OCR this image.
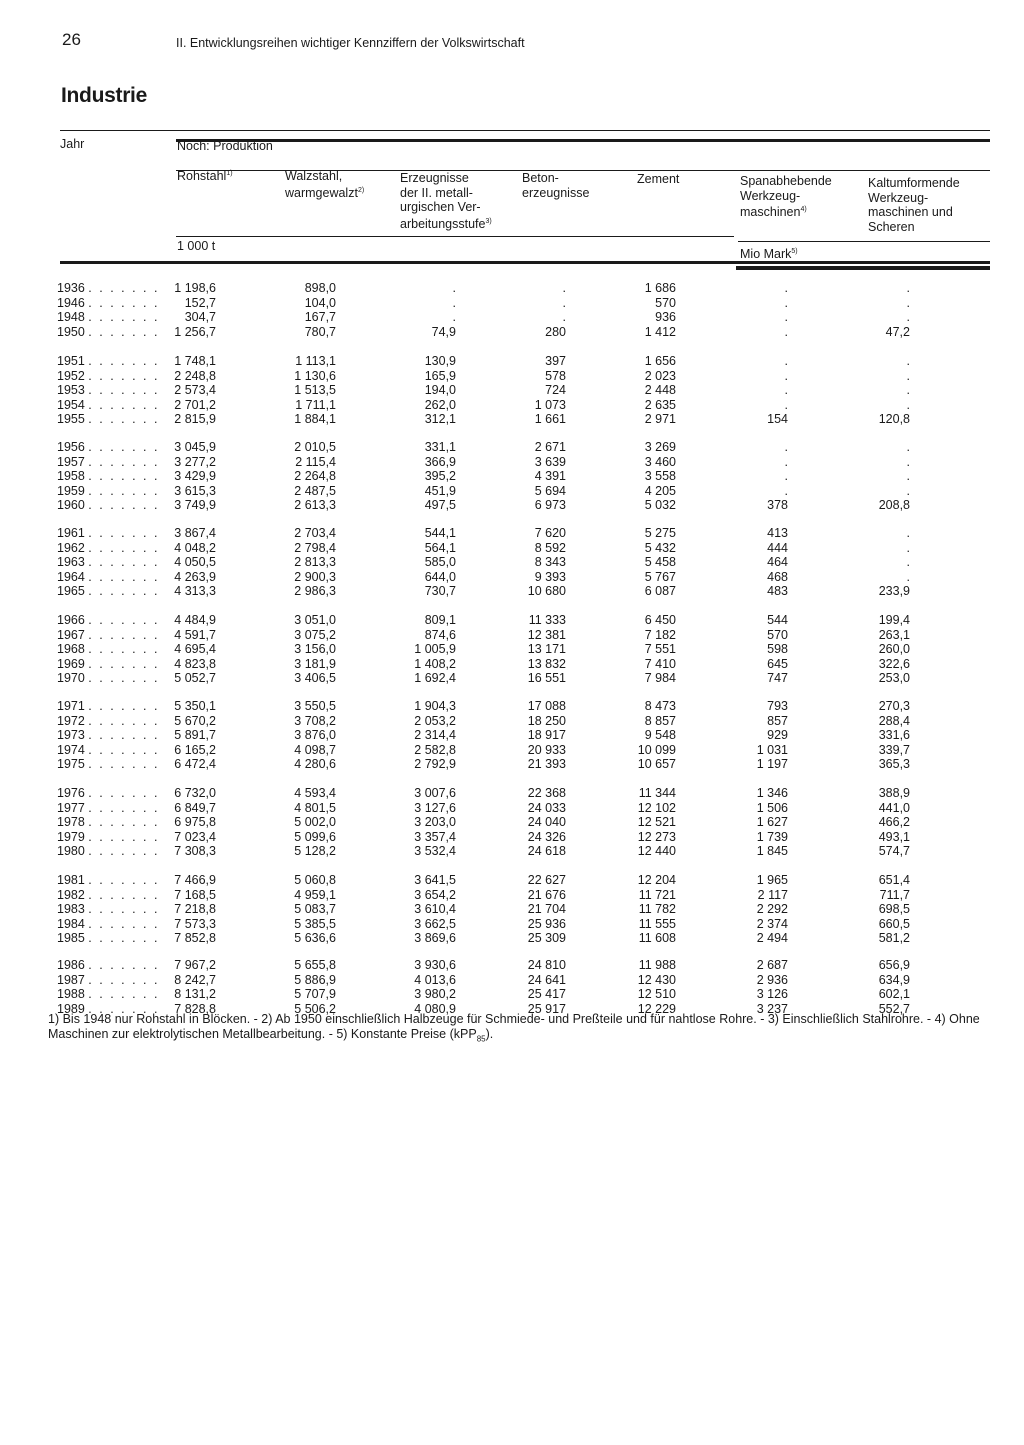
26	II. Entwicklungsreihen wichtiger Kennziffern der Volkswirtschaft
Industrie
Jahr	Noch: Produktion
Rohstahl$^{1)}$	Walzstahl,
warmgewalzt$^{2)}$
Erzeugnisse
der II. metall-
urgischen Ver-
arbeitungsstufe$^{3)}$
Beton-
erzeugnisse
Zement	Spanabhebende
Werkzeug-
maschinen$^{4)}$
Kaltumformende
Werkzeug-
maschinen und
Scheren
1 000 t
Mio Mark$^{5)}$
1936 . . . . . . .	1 198,6	898,0	.	.	1 686	.	.
1946 . . . . . . .	152,7	104,0	.	.	570	.	.
1948 . . . . . . .	304,7	167,7	.	.	936	.	.
1950 . . . . . . .	1 256,7	780,7	74,9	280	1 412	.	47,2
1951 . . . . . . .	1 748,1	1 113,1	130,9	397	1 656	.	.
1952 . . . . . . .	2 248,8	1 130,6	165,9	578	2 023	.	.
1953 . . . . . . .	2 573,4	1 513,5	194,0	724	2 448	.	.
1954 . . . . . . .	2 701,2	1 711,1	262,0	1 073	2 635	.	.
1955 . . . . . . .	2 815,9	1 884,1	312,1	1 661	2 971	154	120,8
1956 . . . . . . .	3 045,9	2 010,5	331,1	2 671	3 269	.	.
1957 . . . . . . .	3 277,2	2 115,4	366,9	3 639	3 460	.	.
1958 . . . . . . .	3 429,9	2 264,8	395,2	4 391	3 558	.	.
1959 . . . . . . .	3 615,3	2 487,5	451,9	5 694	4 205	.	.
1960 . . . . . . .	3 749,9	2 613,3	497,5	6 973	5 032	378	208,8
1961 . . . . . . .	3 867,4	2 703,4	544,1	7 620	5 275	413	.
1962 . . . . . . .	4 048,2	2 798,4	564,1	8 592	5 432	444	.
1963 . . . . . . .	4 050,5	2 813,3	585,0	8 343	5 458	464	.
1964 . . . . . . .	4 263,9	2 900,3	644,0	9 393	5 767	468	.
1965 . . . . . . .	4 313,3	2 986,3	730,7	10 680	6 087	483	233,9
1966 . . . . . . .	4 484,9	3 051,0	809,1	11 333	6 450	544	199,4
1967 . . . . . . .	4 591,7	3 075,2	874,6	12 381	7 182	570	263,1
1968 . . . . . . .	4 695,4	3 156,0	1 005,9	13 171	7 551	598	260,0
1969 . . . . . . .	4 823,8	3 181,9	1 408,2	13 832	7 410	645	322,6
1970 . . . . . . .	5 052,7	3 406,5	1 692,4	16 551	7 984	747	253,0
1971 . . . . . . .	5 350,1	3 550,5	1 904,3	17 088	8 473	793	270,3
1972 . . . . . . .	5 670,2	3 708,2	2 053,2	18 250	8 857	857	288,4
1973 . . . . . . .	5 891,7	3 876,0	2 314,4	18 917	9 548	929	331,6
1974 . . . . . . .	6 165,2	4 098,7	2 582,8	20 933	10 099	1 031	339,7
1975 . . . . . . .	6 472,4	4 280,6	2 792,9	21 393	10 657	1 197	365,3
1976 . . . . . . .	6 732,0	4 593,4	3 007,6	22 368	11 344	1 346	388,9
1977 . . . . . . .	6 849,7	4 801,5	3 127,6	24 033	12 102	1 506	441,0
1978 . . . . . . .	6 975,8	5 002,0	3 203,0	24 040	12 521	1 627	466,2
1979 . . . . . . .	7 023,4	5 099,6	3 357,4	24 326	12 273	1 739	493,1
1980 . . . . . . .	7 308,3	5 128,2	3 532,4	24 618	12 440	1 845	574,7
1981 . . . . . . .	7 466,9	5 060,8	3 641,5	22 627	12 204	1 965	651,4
1982 . . . . . . .	7 168,5	4 959,1	3 654,2	21 676	11 721	2 117	711,7
1983 . . . . . . .	7 218,8	5 083,7	3 610,4	21 704	11 782	2 292	698,5
1984 . . . . . . .	7 573,3	5 385,5	3 662,5	25 936	11 555	2 374	660,5
1985 . . . . . . .	7 852,8	5 636,6	3 869,6	25 309	11 608	2 494	581,2
1986 . . . . . . .	7 967,2	5 655,8	3 930,6	24 810	11 988	2 687	656,9
1987 . . . . . . .	8 242,7	5 886,9	4 013,6	24 641	12 430	2 936	634,9
1988 . . . . . . .	8 131,2	5 707,9	3 980,2	25 417	12 510	3 126	602,1
1989 . . . . . . .	7 828,8	5 506,2	4 080,9	25 917	12 229	3 237	552,7
1) Bis 1948 nur Rohstahl in Blöcken. - 2) Ab 1950 einschließlich Halbzeuge für Schmiede- und Preßteile und für nahtlose Rohre. - 3) Einschließlich Stahlrohre. - 4) Ohne Maschinen zur elektrolytischen Metallbearbeitung. - 5) Konstante Preise (kPP$_{85}$).
